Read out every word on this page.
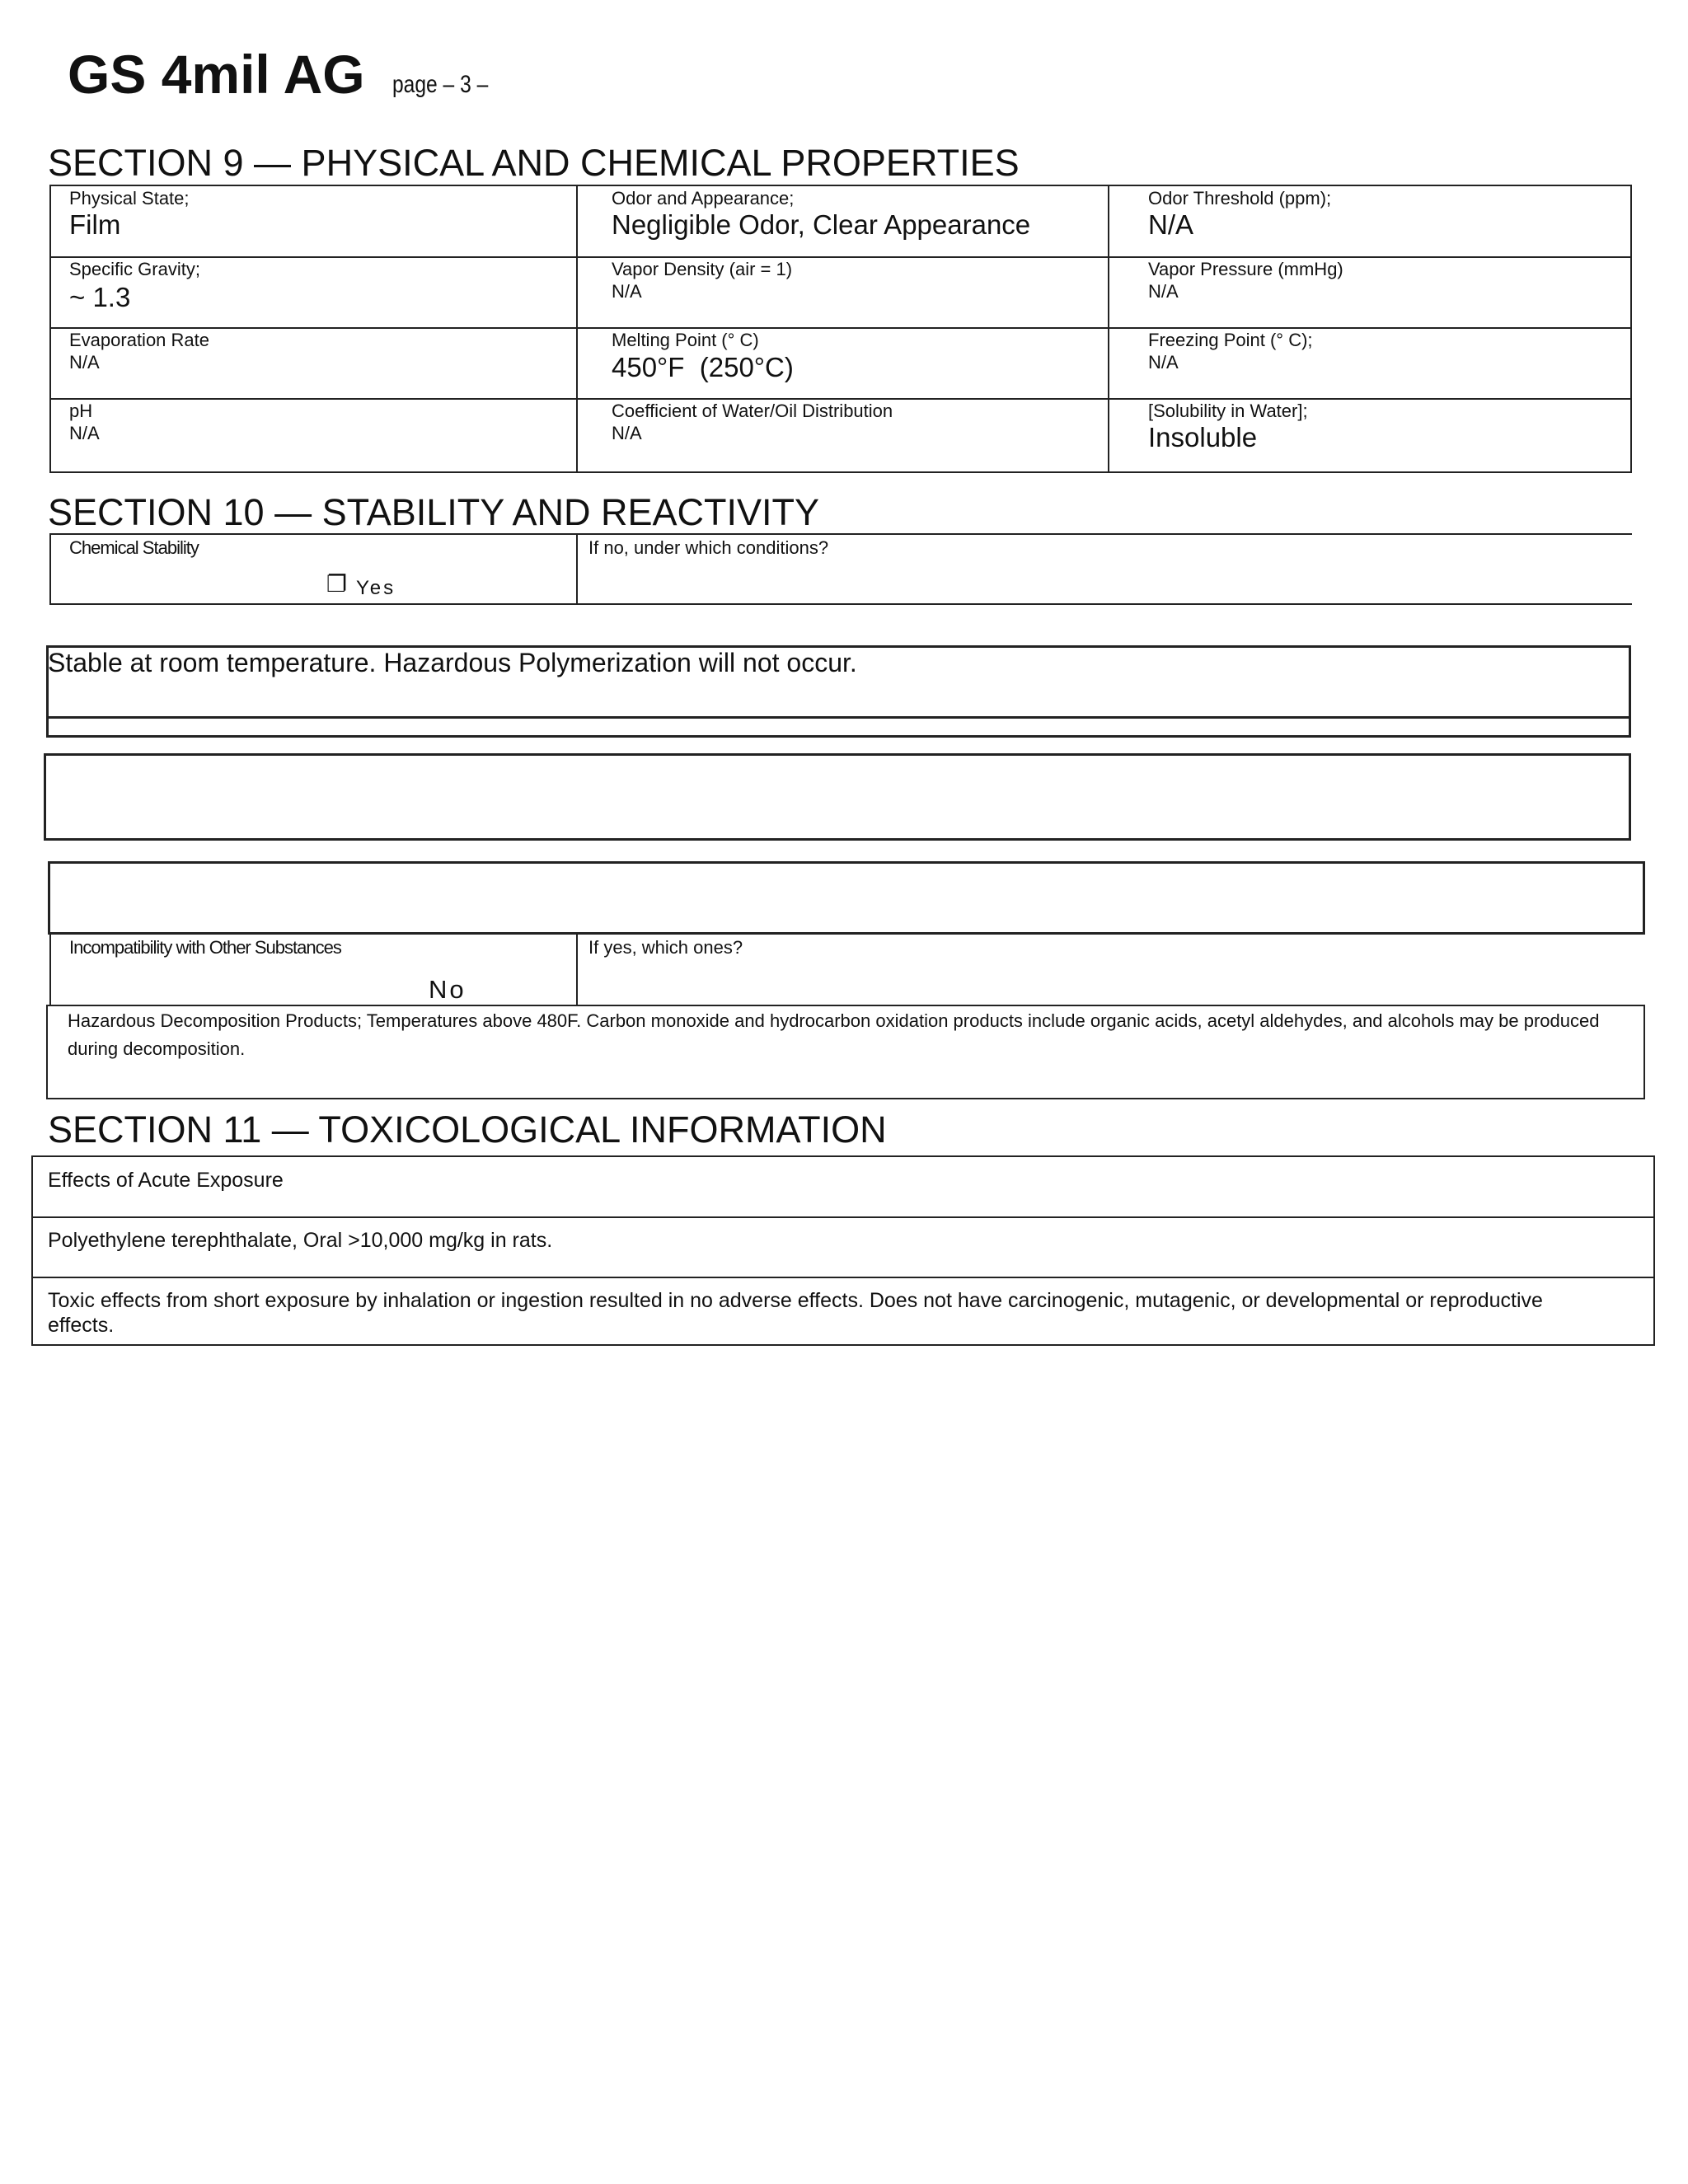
GS 4mil AG page – 3 –
SECTION 9 — PHYSICAL AND CHEMICAL PROPERTIES
Physical State;
Film
Odor and Appearance;
Negligible Odor, Clear Appearance
Odor Threshold (ppm);
N/A
Specific Gravity;
~ 1.3
Vapor Density (air = 1)
N/A
Vapor Pressure (mmHg)
N/A
Evaporation Rate
N/A
Melting Point (° C)
450°F  (250°C)
Freezing Point (° C);
N/A
pH
N/A
Coefficient of Water/Oil Distribution
N/A
[Solubility in Water];
Insoluble
SECTION 10 — STABILITY AND REACTIVITY
Chemical Stability
❐ Yes
If no, under which conditions?
Stable at room temperature. Hazardous Polymerization will not occur.
Incompatibility with Other Substances
No
If yes, which ones?
Hazardous Decomposition Products; Temperatures above 480F. Carbon monoxide and hydrocarbon oxidation products include organic acids, acetyl aldehydes, and alcohols may be produced during decomposition.
SECTION 11 — TOXICOLOGICAL INFORMATION
Effects of Acute Exposure
Polyethylene terephthalate, Oral >10,000 mg/kg in rats.
Toxic effects from short exposure by inhalation or ingestion resulted in no adverse effects. Does not have carcinogenic, mutagenic, or developmental or reproductive effects.
